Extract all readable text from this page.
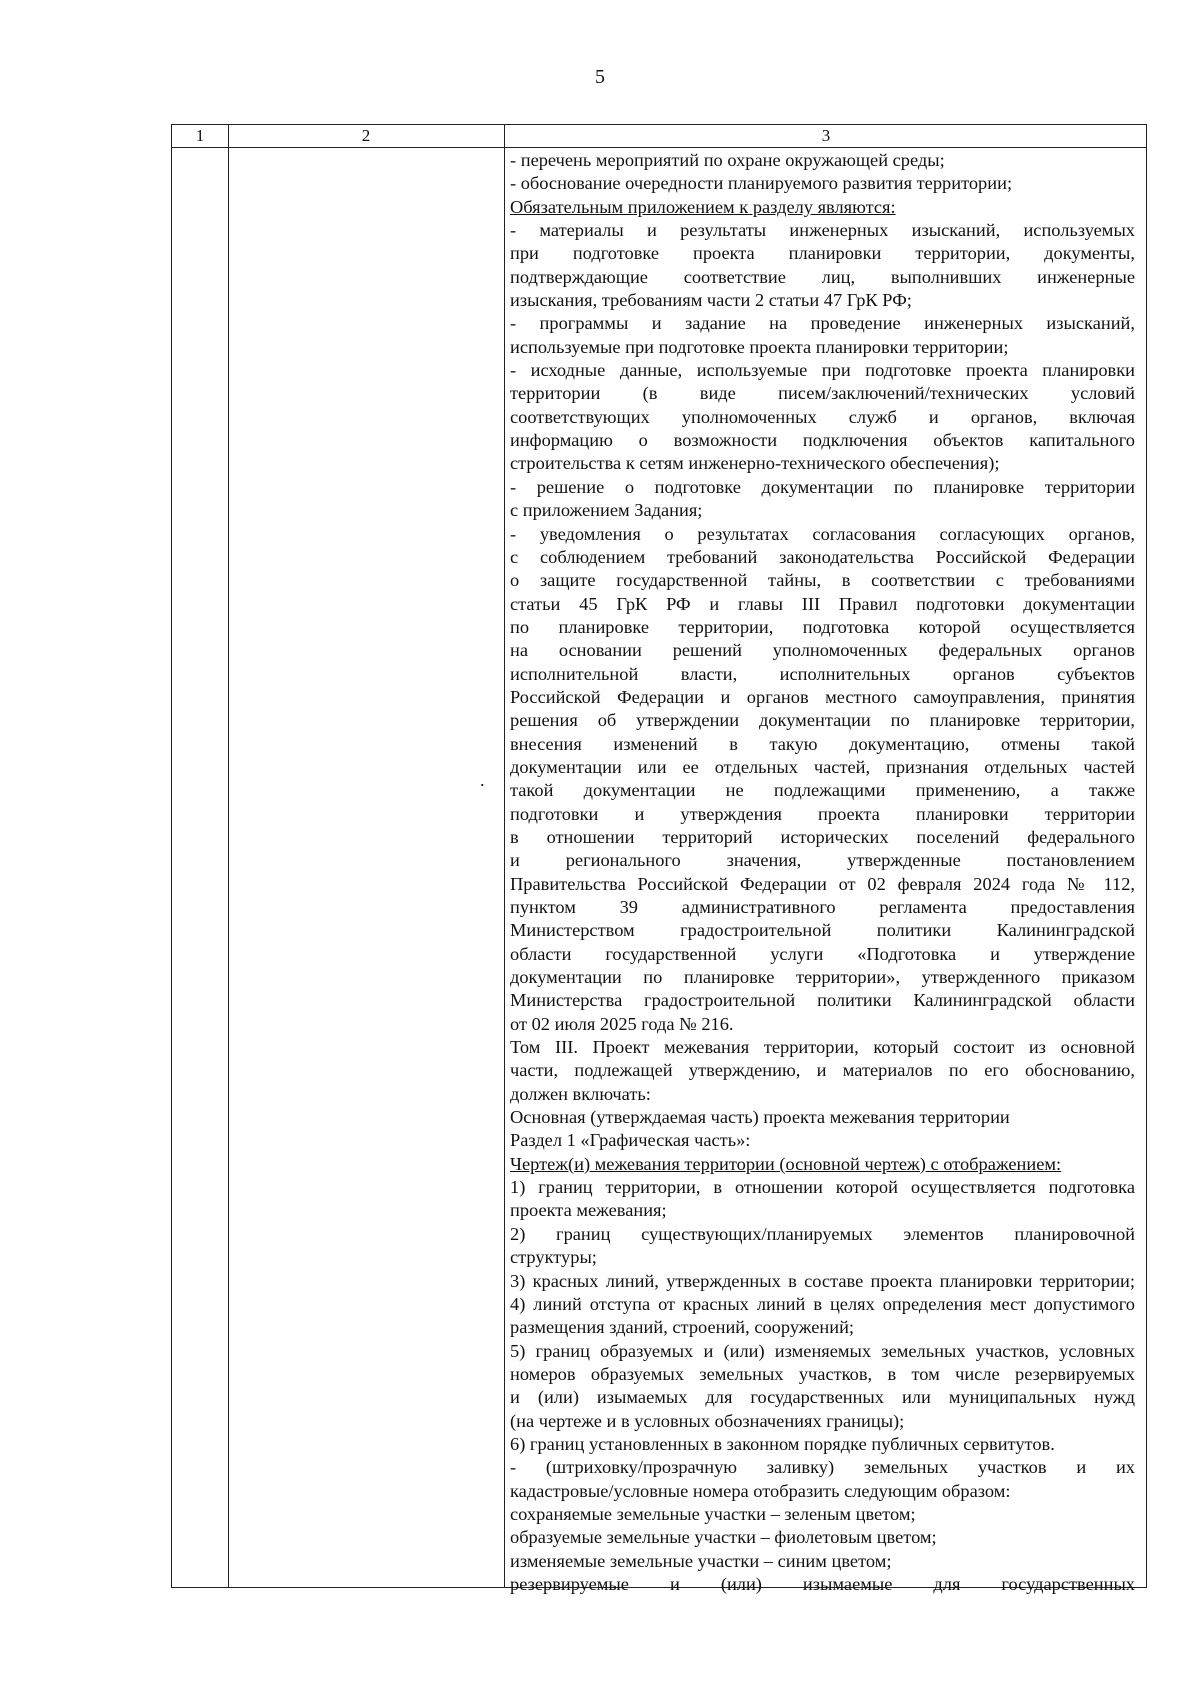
5
1	2	3
.

- перечень мероприятий по охране окружающей среды;

- обоснование очередности планируемого развития территории;

Обязательным приложением к разделу являются:

- материалы и результаты инженерных изысканий, используемых

при подготовке проекта планировки территории, документы,

подтверждающие соответствие лиц, выполнивших инженерные

изыскания, требованиям части 2 статьи 47 ГрК РФ;

- программы и задание на проведение инженерных изысканий,

используемые при подготовке проекта планировки территории;

- исходные данные, используемые при подготовке проекта планировки

территории (в виде писем/заключений/технических условий

соответствующих уполномоченных служб и органов, включая

информацию о возможности подключения объектов капитального

строительства к сетям инженерно-технического обеспечения);

- решение о подготовке документации по планировке территории

с приложением Задания;

- уведомления о результатах согласования согласующих органов,

с соблюдением требований законодательства Российской Федерации

о защите государственной тайны, в соответствии с требованиями

статьи 45 ГрК РФ и главы III Правил подготовки документации

по планировке территории, подготовка которой осуществляется

на основании решений уполномоченных федеральных органов

исполнительной власти, исполнительных органов субъектов

Российской Федерации и органов местного самоуправления, принятия

решения об утверждении документации по планировке территории,

внесения изменений в такую документацию, отмены такой

документации или ее отдельных частей, признания отдельных частей

такой документации не подлежащими применению, а также

подготовки и утверждения проекта планировки территории

в отношении территорий исторических поселений федерального

и регионального значения, утвержденные постановлением

Правительства Российской Федерации от 02 февраля 2024 года № 112,

пунктом 39 административного регламента предоставления

Министерством градостроительной политики Калининградской

области государственной услуги «Подготовка и утверждение

документации по планировке территории», утвержденного приказом

Министерства градостроительной политики Калининградской области

от 02 июля 2025 года № 216.

Том III. Проект межевания территории, который состоит из основной

части, подлежащей утверждению, и материалов по его обоснованию,

должен включать:

Основная (утверждаемая часть) проекта межевания территории

Раздел 1 «Графическая часть»:

Чертеж(и) межевания территории (основной чертеж) с отображением:

1) границ территории, в отношении которой осуществляется подготовка

проекта межевания;

2) границ существующих/планируемых элементов планировочной

структуры;

3) красных линий, утвержденных в составе проекта планировки территории;

4) линий отступа от красных линий в целях определения мест допустимого

размещения зданий, строений, сооружений;

5) границ образуемых и (или) изменяемых земельных участков, условных

номеров образуемых земельных участков, в том числе резервируемых

и (или) изымаемых для государственных или муниципальных нужд

(на чертеже и в условных обозначениях границы);

6) границ установленных в законном порядке публичных сервитутов.

- (штриховку/прозрачную заливку) земельных участков и их

кадастровые/условные номера отобразить следующим образом:

сохраняемые земельные участки – зеленым цветом;

образуемые земельные участки – фиолетовым цветом;

изменяемые земельные участки – синим цветом;

резервируемые и (или) изымаемые для государственных
